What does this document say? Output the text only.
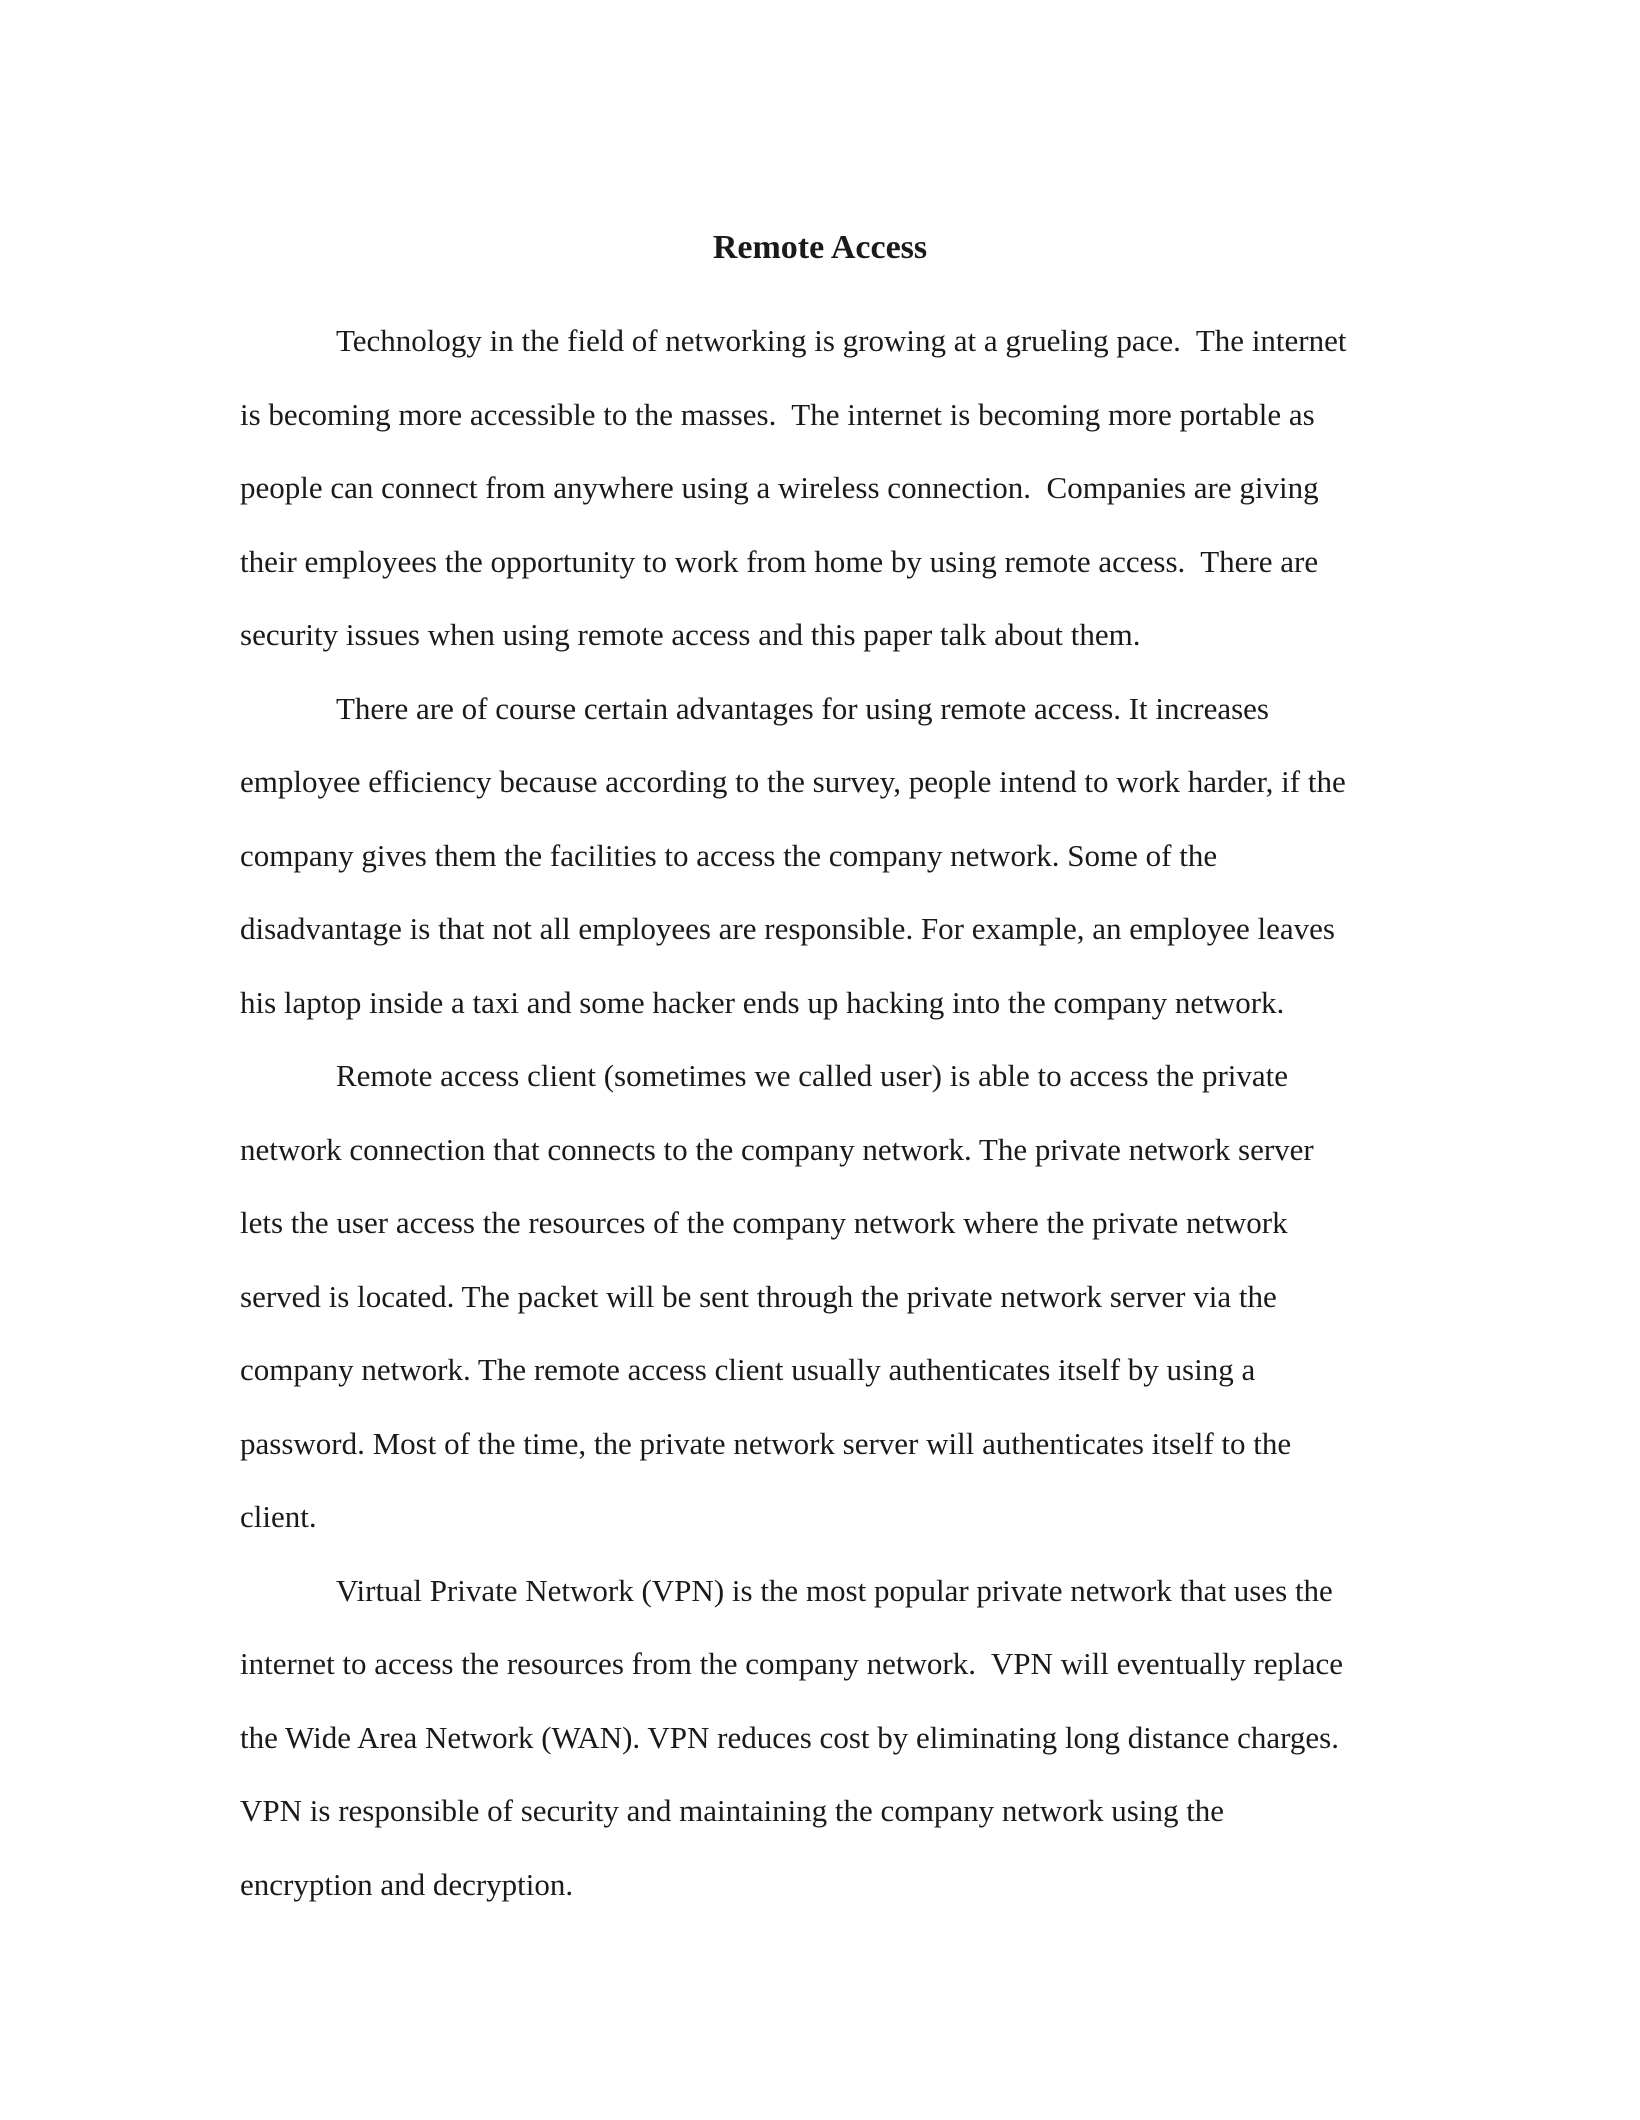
Remote Access
Technology in the field of networking is growing at a grueling pace.  The internet
is becoming more accessible to the masses.  The internet is becoming more portable as
people can connect from anywhere using a wireless connection.  Companies are giving
their employees the opportunity to work from home by using remote access.  There are
security issues when using remote access and this paper talk about them.
There are of course certain advantages for using remote access. It increases
employee efficiency because according to the survey, people intend to work harder, if the
company gives them the facilities to access the company network. Some of the
disadvantage is that not all employees are responsible. For example, an employee leaves
his laptop inside a taxi and some hacker ends up hacking into the company network.
Remote access client (sometimes we called user) is able to access the private
network connection that connects to the company network. The private network server
lets the user access the resources of the company network where the private network
served is located. The packet will be sent through the private network server via the
company network. The remote access client usually authenticates itself by using a
password. Most of the time, the private network server will authenticates itself to the
client.
Virtual Private Network (VPN) is the most popular private network that uses the
internet to access the resources from the company network.  VPN will eventually replace
the Wide Area Network (WAN). VPN reduces cost by eliminating long distance charges.
VPN is responsible of security and maintaining the company network using the
encryption and decryption.
